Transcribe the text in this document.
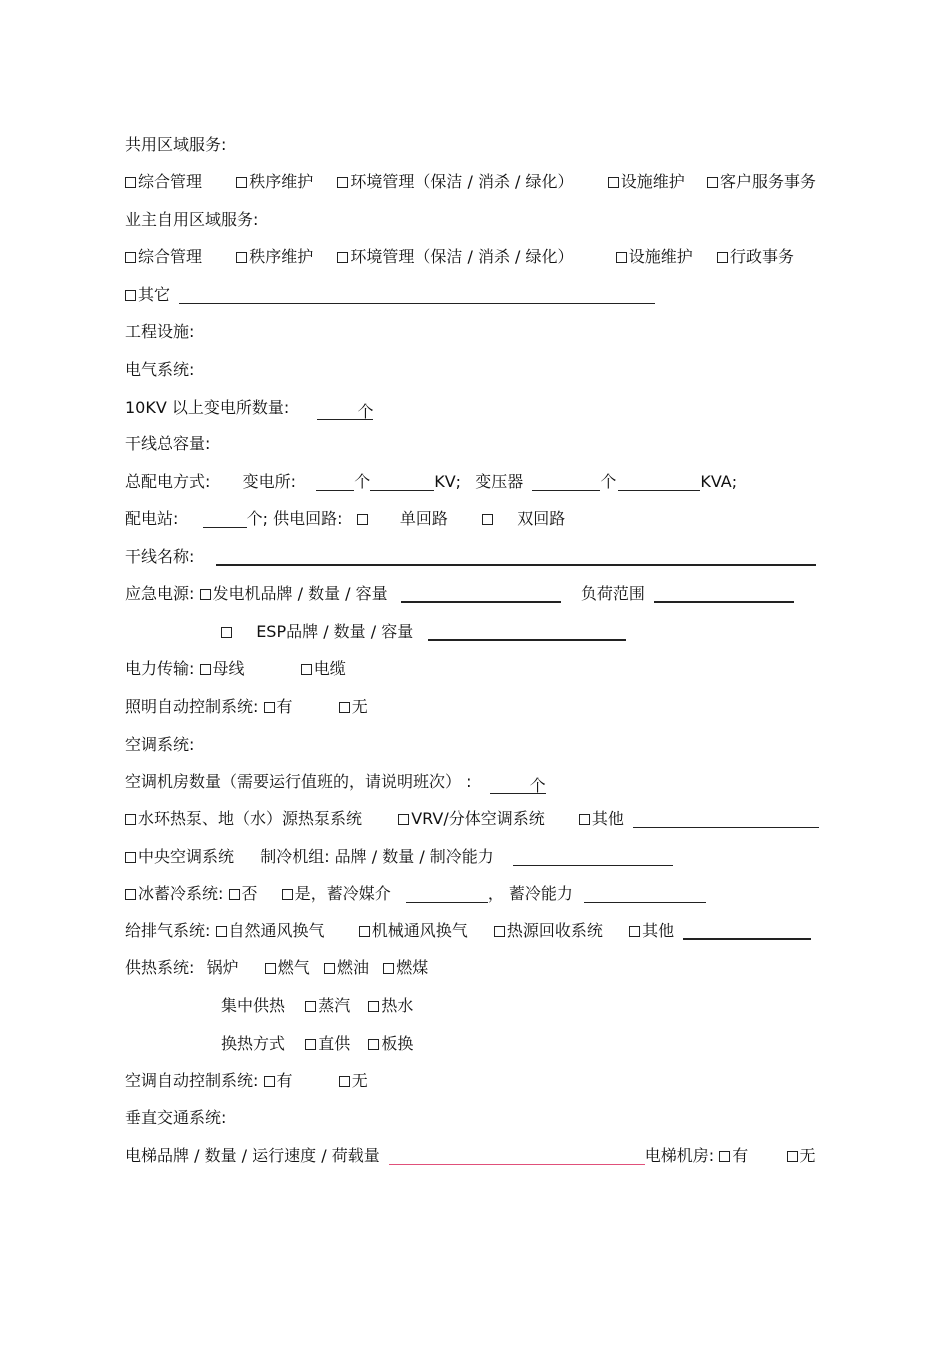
共用区域服务:
综合管理	秩序维护 环境管理（保洁 / 消杀 / 绿化）	设施维护 客户服务事务
业主自用区域服务:
综合管理	秩序维护 环境管理（保洁 / 消杀 / 绿化）	设施维护 行政事务
其它
工程设施:
电气系统:
10KV 以上变电所数量:	个
干线总容量:
总配电方式: 变电所:	个	KV; 变压器	个	KVA;
配电站:	个; 供电回路:	单回路	双回路
干线名称:
应急电源: 发电机品牌 / 数量 / 容量	负荷范围
ESP品牌 / 数量 / 容量
电力传输: 母线	电缆
照明自动控制系统: 有	无
空调系统:
空调机房数量（需要运行值班的，请说明班次） :	个
水环热泵、地（水）源热泵系统	VRV/分体空调系统	其他
中央空调系统 制冷机组: 品牌 / 数量 / 制冷能力
冰蓄冷系统: 否 是，蓄冷媒介	， 蓄冷能力
给排气系统: 自然通风换气	机械通风换气 热源回收系统 其他
供热系统: 锅炉 燃气 燃油 燃煤
集中供热 蒸汽 热水
换热方式 直供 板换
空调自动控制系统: 有	无
垂直交通系统:
电梯品牌 / 数量 / 运行速度 / 荷载量	电梯机房: 有	无
